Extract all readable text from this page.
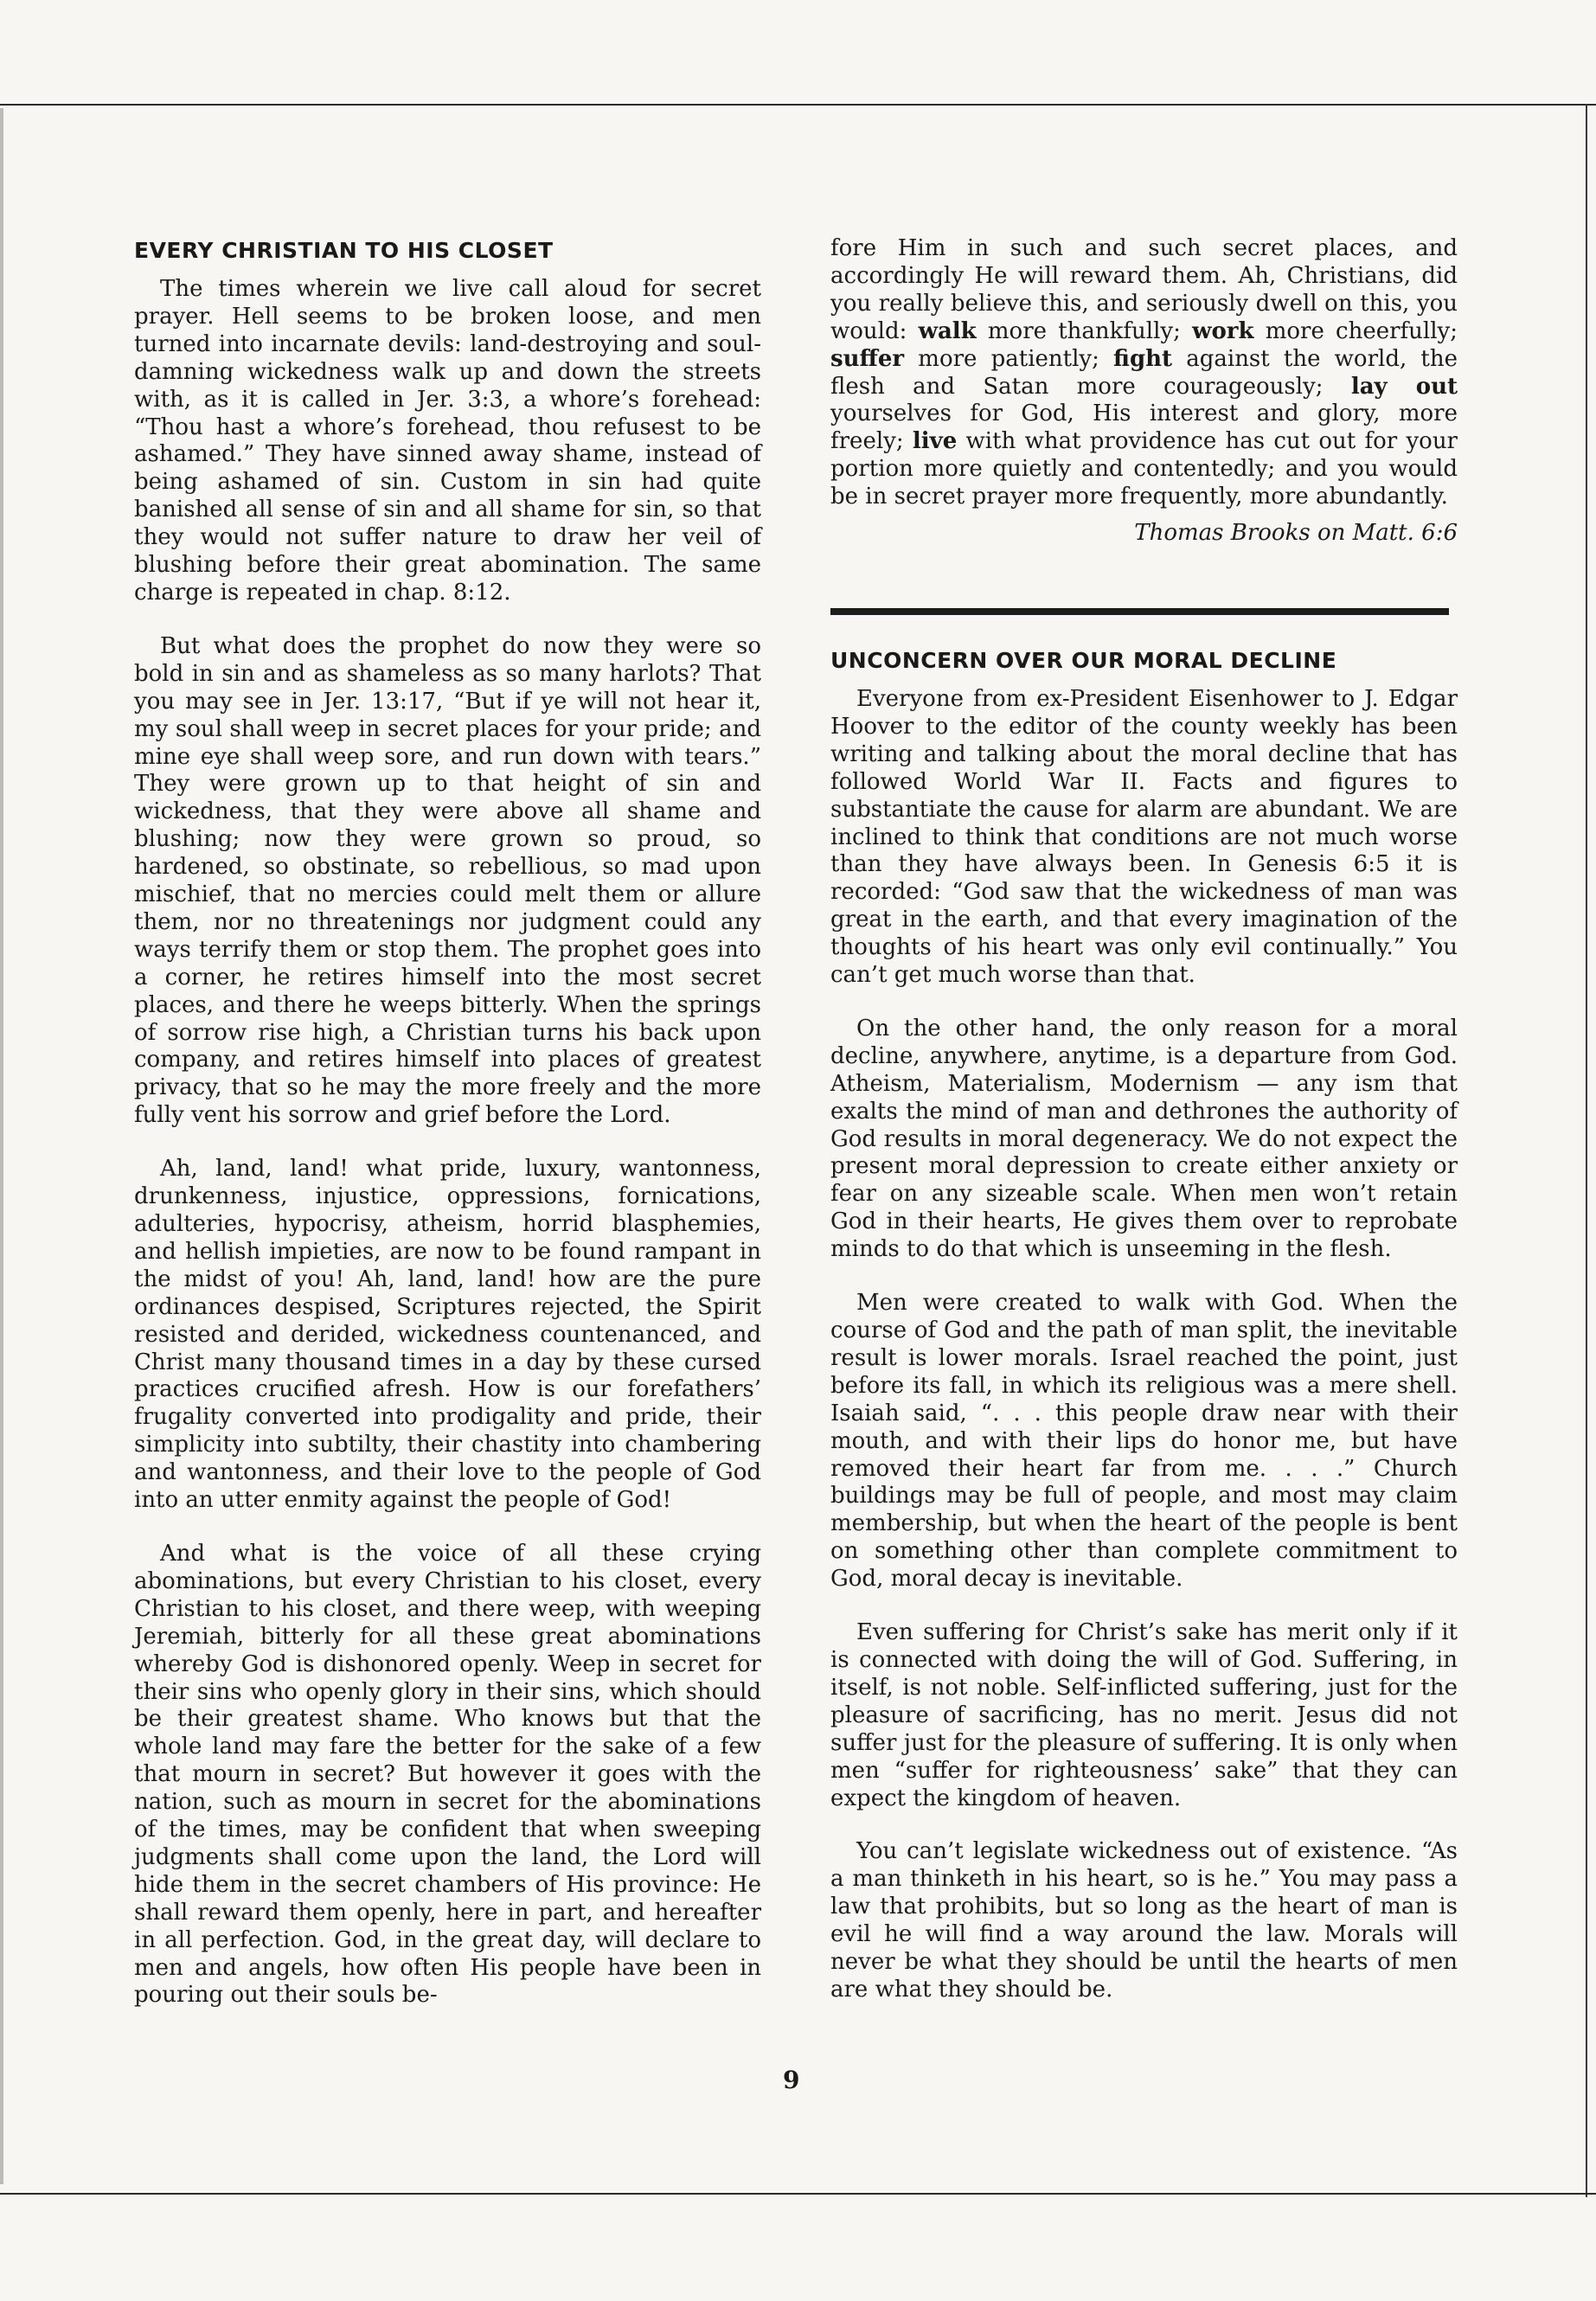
EVERY CHRISTIAN TO HIS CLOSET

The times wherein we live call aloud for secret prayer. Hell seems to be broken loose, and men turned into incarnate devils: land-destroying and soul-damning wickedness walk up and down the streets with, as it is called in Jer. 3:3, a whore’s forehead: “Thou hast a whore’s forehead, thou refusest to be ashamed.” They have sinned away shame, instead of being ashamed of sin. Custom in sin had quite banished all sense of sin and all shame for sin, so that they would not suffer nature to draw her veil of blushing before their great abomination. The same charge is repeated in chap. 8:12.

But what does the prophet do now they were so bold in sin and as shameless as so many harlots? That you may see in Jer. 13:17, “But if ye will not hear it, my soul shall weep in secret places for your pride; and mine eye shall weep sore, and run down with tears.” They were grown up to that height of sin and wickedness, that they were above all shame and blushing; now they were grown so proud, so hardened, so obstinate, so rebellious, so mad upon mischief, that no mercies could melt them or allure them, nor no threatenings nor judgment could any ways terrify them or stop them. The prophet goes into a corner, he retires himself into the most secret places, and there he weeps bitterly. When the springs of sorrow rise high, a Christian turns his back upon company, and retires himself into places of greatest privacy, that so he may the more freely and the more fully vent his sorrow and grief before the Lord.

Ah, land, land! what pride, luxury, wantonness, drunkenness, injustice, oppressions, fornications, adulteries, hypocrisy, atheism, horrid blasphemies, and hellish impieties, are now to be found rampant in the midst of you! Ah, land, land! how are the pure ordinances despised, Scriptures rejected, the Spirit resisted and derided, wickedness countenanced, and Christ many thousand times in a day by these cursed practices crucified afresh. How is our forefathers’ frugality converted into prodigality and pride, their simplicity into subtilty, their chastity into chambering and wantonness, and their love to the people of God into an utter enmity against the people of God!

And what is the voice of all these crying abominations, but every Christian to his closet, every Christian to his closet, and there weep, with weeping Jeremiah, bitterly for all these great abominations whereby God is dishonored openly. Weep in secret for their sins who openly glory in their sins, which should be their greatest shame. Who knows but that the whole land may fare the better for the sake of a few that mourn in secret? But however it goes with the nation, such as mourn in secret for the abominations of the times, may be confident that when sweeping judgments shall come upon the land, the Lord will hide them in the secret chambers of His province: He shall reward them openly, here in part, and hereafter in all perfection. God, in the great day, will declare to men and angels, how often His people have been in pouring out their souls be-

fore Him in such and such secret places, and accordingly He will reward them. Ah, Christians, did you really believe this, and seriously dwell on this, you would: walk more thankfully; work more cheerfully; suffer more patiently; fight against the world, the flesh and Satan more courageously; lay out yourselves for God, His interest and glory, more freely; live with what providence has cut out for your portion more quietly and contentedly; and you would be in secret prayer more frequently, more abundantly.

Thomas Brooks on Matt. 6:6

UNCONCERN OVER OUR MORAL DECLINE

Everyone from ex-President Eisenhower to J. Edgar Hoover to the editor of the county weekly has been writing and talking about the moral decline that has followed World War II. Facts and figures to substantiate the cause for alarm are abundant. We are inclined to think that conditions are not much worse than they have always been. In Genesis 6:5 it is recorded: “God saw that the wickedness of man was great in the earth, and that every imagination of the thoughts of his heart was only evil continually.” You can’t get much worse than that.

On the other hand, the only reason for a moral decline, anywhere, anytime, is a departure from God. Atheism, Materialism, Modernism — any ism that exalts the mind of man and dethrones the authority of God results in moral degeneracy. We do not expect the present moral depression to create either anxiety or fear on any sizeable scale. When men won’t retain God in their hearts, He gives them over to reprobate minds to do that which is unseeming in the flesh.

Men were created to walk with God. When the course of God and the path of man split, the inevitable result is lower morals. Israel reached the point, just before its fall, in which its religious was a mere shell. Isaiah said, “. . . this people draw near with their mouth, and with their lips do honor me, but have removed their heart far from me. . . .” Church buildings may be full of people, and most may claim membership, but when the heart of the people is bent on something other than complete commitment to God, moral decay is inevitable.

Even suffering for Christ’s sake has merit only if it is connected with doing the will of God. Suffering, in itself, is not noble. Self-inflicted suffering, just for the pleasure of sacrificing, has no merit. Jesus did not suffer just for the pleasure of suffering. It is only when men “suffer for righteousness’ sake” that they can expect the kingdom of heaven.

You can’t legislate wickedness out of existence. “As a man thinketh in his heart, so is he.” You may pass a law that prohibits, but so long as the heart of man is evil he will find a way around the law. Morals will never be what they should be until the hearts of men are what they should be.

9
